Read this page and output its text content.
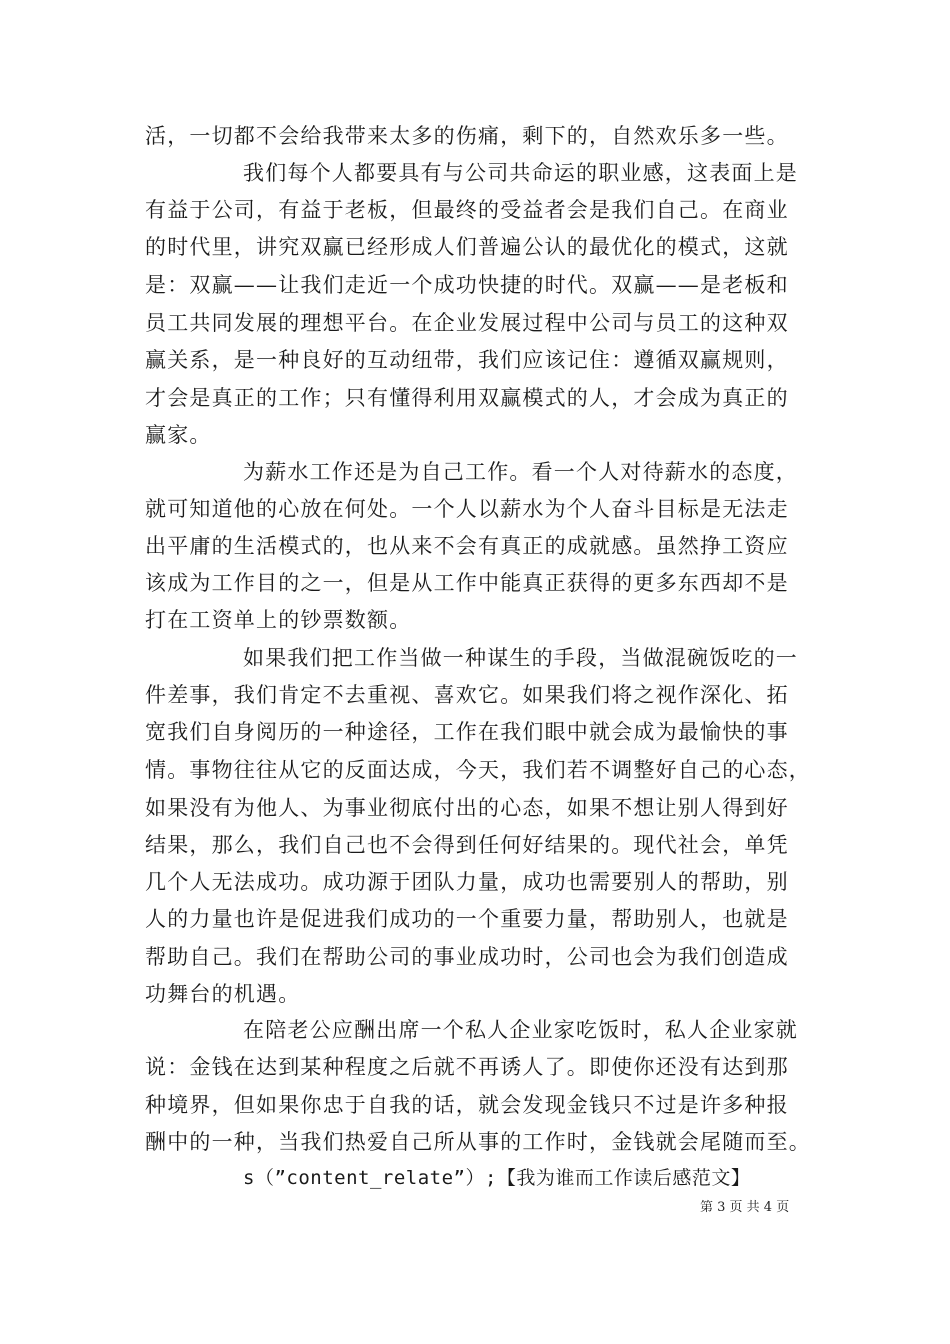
活，一切都不会给我带来太多的伤痛，剩下的，自然欢乐多一些。
我们每个人都要具有与公司共命运的职业感，这表面上是
有益于公司，有益于老板，但最终的受益者会是我们自己。在商业
的时代里，讲究双赢已经形成人们普遍公认的最优化的模式，这就
是：双赢——让我们走近一个成功快捷的时代。双赢——是老板和
员工共同发展的理想平台。在企业发展过程中公司与员工的这种双
赢关系，是一种良好的互动纽带，我们应该记住：遵循双赢规则，
才会是真正的工作；只有懂得利用双赢模式的人，才会成为真正的
赢家。
为薪水工作还是为自己工作。看一个人对待薪水的态度，
就可知道他的心放在何处。一个人以薪水为个人奋斗目标是无法走
出平庸的生活模式的，也从来不会有真正的成就感。虽然挣工资应
该成为工作目的之一，但是从工作中能真正获得的更多东西却不是
打在工资单上的钞票数额。
如果我们把工作当做一种谋生的手段，当做混碗饭吃的一
件差事，我们肯定不去重视、喜欢它。如果我们将之视作深化、拓
宽我们自身阅历的一种途径，工作在我们眼中就会成为最愉快的事
情。事物往往从它的反面达成，今天，我们若不调整好自己的心态，
如果没有为他人、为事业彻底付出的心态，如果不想让别人得到好
结果，那么，我们自己也不会得到任何好结果的。现代社会，单凭
几个人无法成功。成功源于团队力量，成功也需要别人的帮助，别
人的力量也许是促进我们成功的一个重要力量，帮助别人，也就是
帮助自己。我们在帮助公司的事业成功时，公司也会为我们创造成
功舞台的机遇。
在陪老公应酬出席一个私人企业家吃饭时，私人企业家就
说：金钱在达到某种程度之后就不再诱人了。即使你还没有达到那
种境界，但如果你忠于自我的话，就会发现金钱只不过是许多种报
酬中的一种，当我们热爱自己所从事的工作时，金钱就会尾随而至。
s（”content_relate”）;【我为谁而工作读后感范文】
第 3 页 共 4 页
